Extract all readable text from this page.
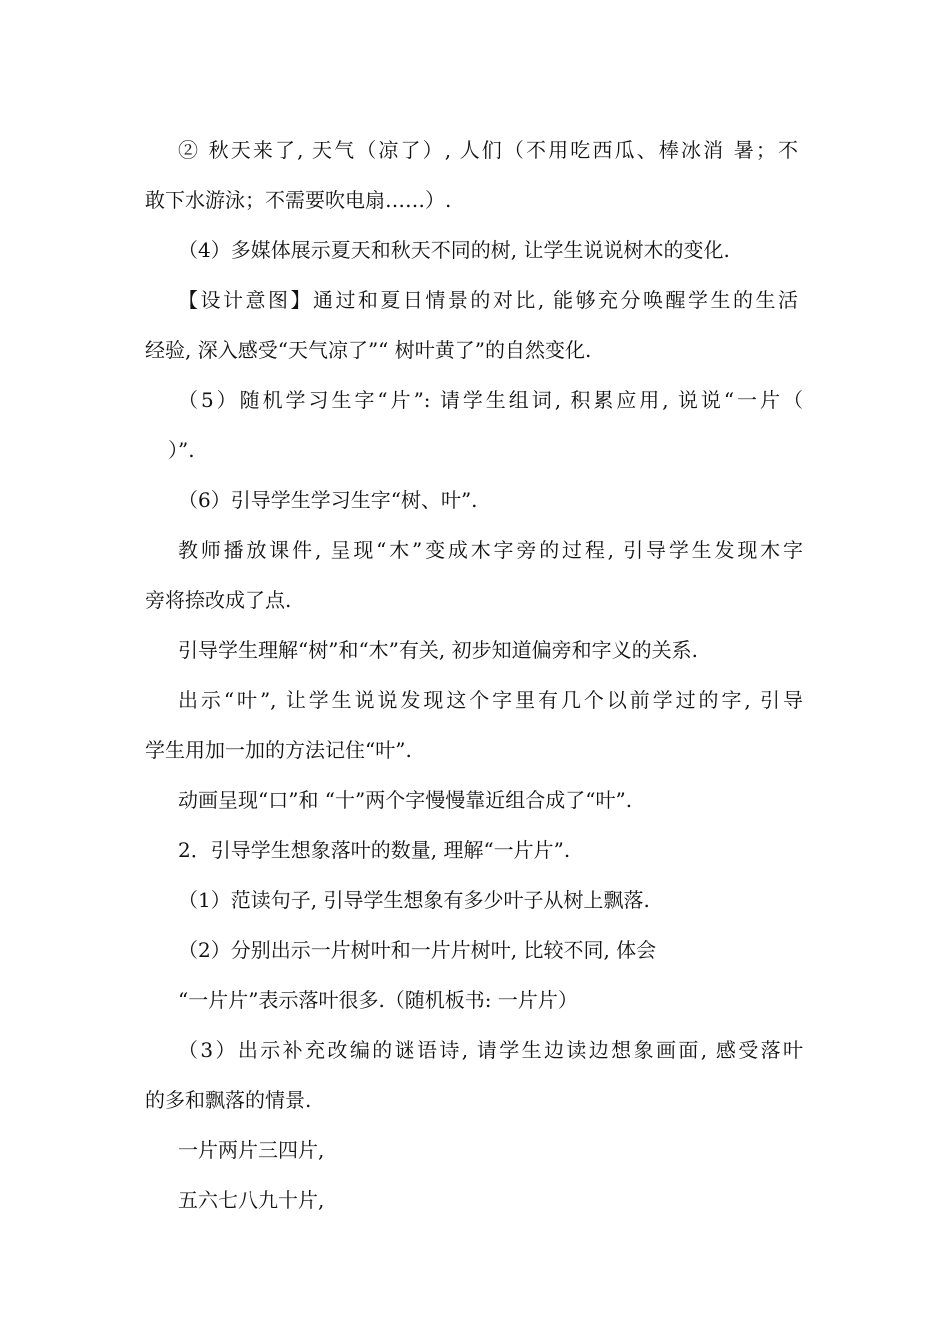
② 秋天来了, 天气（凉了）, 人们（不用吃西瓜、棒冰消 暑；不
敢下水游泳；不需要吹电扇……）.
（4）多媒体展示夏天和秋天不同的树, 让学生说说树木的变化.
【设计意图】通过和夏日情景的对比, 能够充分唤醒学生的生活
经验, 深入感受“天气凉了”“ 树叶黄了”的自然变化.
（5）随机学习生字“片”: 请学生组词, 积累应用, 说说“一片（
）”.
（6）引导学生学习生字“树、叶”.
教师播放课件, 呈现“木”变成木字旁的过程, 引导学生发现木字
旁将捺改成了点.
引导学生理解“树”和“木”有关, 初步知道偏旁和字义的关系.
出示“叶”, 让学生说说发现这个字里有几个以前学过的字, 引导
学生用加一加的方法记住“叶”.
动画呈现“口”和 “十”两个字慢慢靠近组合成了“叶”.
2．引导学生想象落叶的数量, 理解“一片片”.
（1）范读句子, 引导学生想象有多少叶子从树上飘落.
（2）分别出示一片树叶和一片片树叶, 比较不同, 体会
“一片片”表示落叶很多.（随机板书: 一片片）
（3）出示补充改编的谜语诗, 请学生边读边想象画面, 感受落叶
的多和飘落的情景.
一片两片三四片,
五六七八九十片,
